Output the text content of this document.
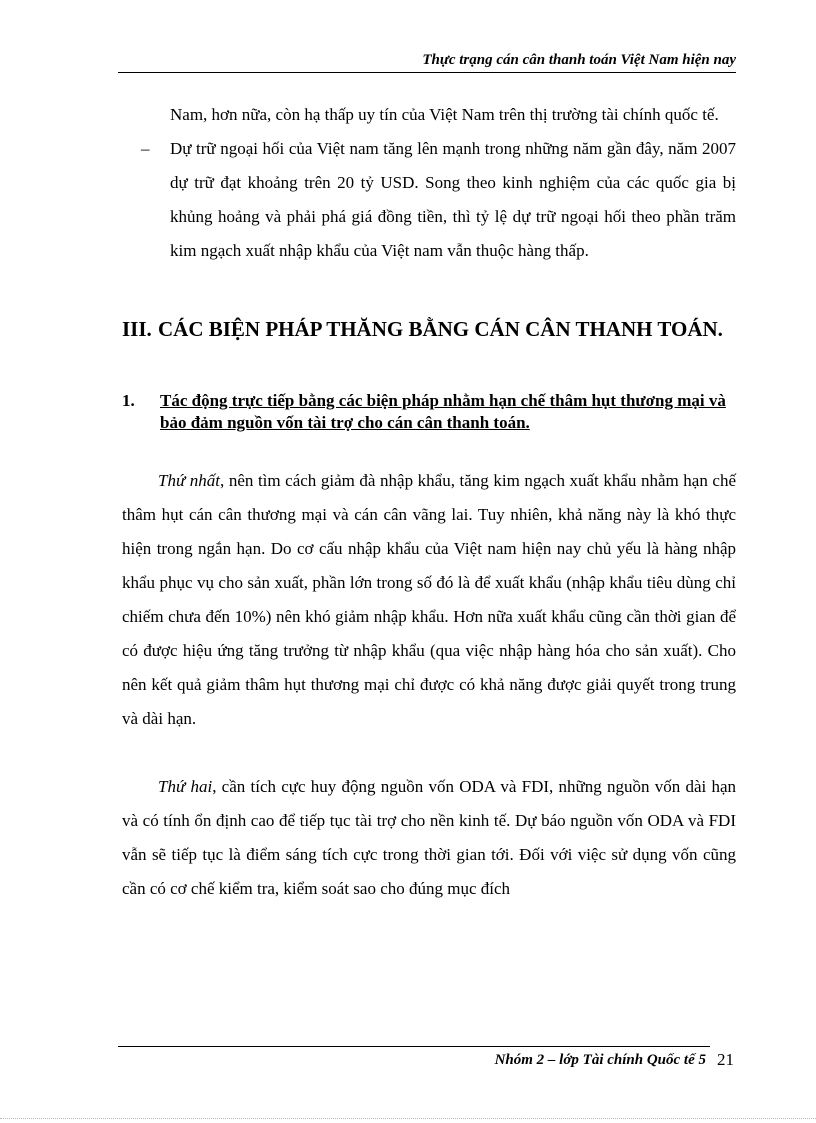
Thực trạng cán cân thanh toán Việt Nam hiện nay

Nam, hơn nữa, còn hạ thấp uy tín của Việt Nam trên thị trường tài chính quốc tế.

– Dự trữ ngoại hối của Việt nam tăng lên mạnh trong những năm gần đây, năm 2007 dự trữ đạt khoảng trên 20 tỷ USD. Song theo kinh nghiệm của các quốc gia bị khủng hoảng và phải phá giá đồng tiền, thì tỷ lệ dự trữ ngoại hối theo phần trăm kim ngạch xuất nhập khẩu của Việt nam vẫn thuộc hàng thấp.

III. CÁC BIỆN PHÁP THĂNG BẰNG CÁN CÂN THANH TOÁN.
1. Tác động trực tiếp bằng các biện pháp nhằm hạn chế thâm hụt thương mại và bảo đảm nguồn vốn tài trợ cho cán cân thanh toán.

Thứ nhất, nên tìm cách giảm đà nhập khẩu, tăng kim ngạch xuất khẩu nhằm hạn chế thâm hụt cán cân thương mại và cán cân vãng lai. Tuy nhiên, khả năng này là khó thực hiện trong ngắn hạn. Do cơ cấu nhập khẩu của Việt nam hiện nay chủ yếu là hàng nhập khẩu phục vụ cho sản xuất, phần lớn trong số đó là để xuất khẩu (nhập khẩu tiêu dùng chỉ chiếm chưa đến 10%) nên khó giảm nhập khẩu. Hơn nữa xuất khẩu cũng cần thời gian để có được hiệu ứng tăng trưởng từ nhập khẩu (qua việc nhập hàng hóa cho sản xuất). Cho nên kết quả giảm thâm hụt thương mại chỉ được có khả năng được giải quyết trong trung và dài hạn.

Thứ hai, cần tích cực huy động nguồn vốn ODA và FDI, những nguồn vốn dài hạn và có tính ổn định cao để tiếp tục tài trợ cho nền kinh tế. Dự báo nguồn vốn ODA và FDI vẫn sẽ tiếp tục là điểm sáng tích cực trong thời gian tới. Đối với việc sử dụng vốn cũng cần có cơ chế kiểm tra, kiểm soát sao cho đúng mục đích

Nhóm 2 – lớp Tài chính Quốc tế 5 21
